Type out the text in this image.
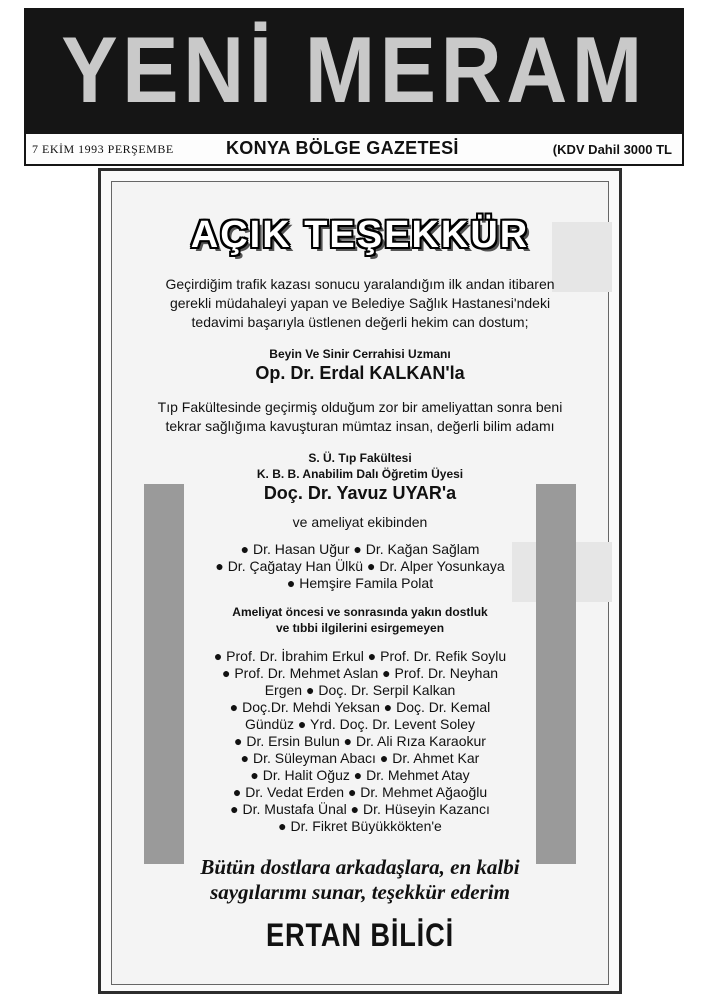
YENİ MERAM
7 EKİM 1993 PERŞEMBE	KONYA BÖLGE GAZETESİ	(KDV Dahil 3000 TL
AÇIK TEŞEKKÜR

Geçirdiğim trafik kazası sonucu yaralandığım ilk andan itibaren gerekli müdahaleyi yapan ve Belediye Sağlık Hastanesi'ndeki tedavimi başarıyla üstlenen değerli hekim can dostum;

Beyin Ve Sinir Cerrahisi Uzmanı
Op. Dr. Erdal KALKAN'la

Tıp Fakültesinde geçirmiş olduğum zor bir ameliyattan sonra beni tekrar sağlığıma kavuşturan mümtaz insan, değerli bilim adamı

S. Ü. Tıp Fakültesi
K. B. B. Anabilim Dalı Öğretim Üyesi
Doç. Dr. Yavuz UYAR'a
ve ameliyat ekibinden
● Dr. Hasan Uğur ● Dr. Kağan Sağlam
● Dr. Çağatay Han Ülkü ● Dr. Alper Yosunkaya
● Hemşire Famila Polat
Ameliyat öncesi ve sonrasında yakın dostluk
ve tıbbi ilgilerini esirgemeyen
● Prof. Dr. İbrahim Erkul ● Prof. Dr. Refik Soylu
● Prof. Dr. Mehmet Aslan ● Prof. Dr. Neyhan
Ergen ● Doç. Dr. Serpil Kalkan
● Doç.Dr. Mehdi Yeksan ● Doç. Dr. Kemal
Gündüz ● Yrd. Doç. Dr. Levent Soley
● Dr. Ersin Bulun ● Dr. Ali Rıza Karaokur
● Dr. Süleyman Abacı ● Dr. Ahmet Kar
● Dr. Halit Oğuz ● Dr. Mehmet Atay
● Dr. Vedat Erden ● Dr. Mehmet Ağaoğlu
● Dr. Mustafa Ünal ● Dr. Hüseyin Kazancı
● Dr. Fikret Büyükkökten'e
Bütün dostlara arkadaşlara, en kalbi
saygılarımı sunar, teşekkür ederim
ERTAN BİLİCİ
